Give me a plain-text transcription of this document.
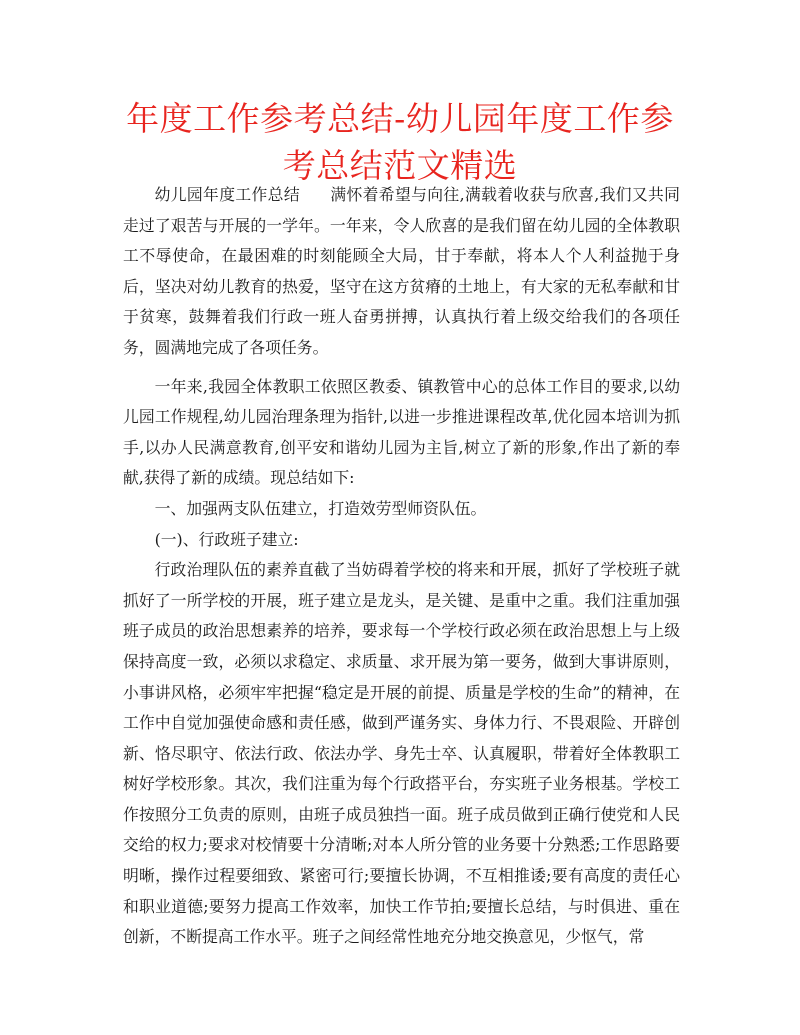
年度工作参考总结-幼儿园年度工作参考总结范文精选

幼儿园年度工作总结 满怀着希望与向往,满载着收获与欣喜,我们又共同走过了艰苦与开展的一学年。一年来，令人欣喜的是我们留在幼儿园的全体教职工不辱使命，在最困难的时刻能顾全大局，甘于奉献，将本人个人利益抛于身后，坚决对幼儿教育的热爱，坚守在这方贫瘠的土地上，有大家的无私奉献和甘于贫寒，鼓舞着我们行政一班人奋勇拼搏，认真执行着上级交给我们的各项任务，圆满地完成了各项任务。

一年来,我园全体教职工依照区教委、镇教管中心的总体工作目的要求,以幼儿园工作规程,幼儿园治理条理为指针,以进一步推进课程改革,优化园本培训为抓手,以办人民满意教育,创平安和谐幼儿园为主旨,树立了新的形象,作出了新的奉献,获得了新的成绩。现总结如下:

一、加强两支队伍建立，打造效劳型师资队伍。

(一)、行政班子建立:

行政治理队伍的素养直截了当妨碍着学校的将来和开展，抓好了学校班子就抓好了一所学校的开展，班子建立是龙头，是关键、是重中之重。我们注重加强班子成员的政治思想素养的培养，要求每一个学校行政必须在政治思想上与上级保持高度一致，必须以求稳定、求质量、求开展为第一要务，做到大事讲原则，小事讲风格，必须牢牢把握“稳定是开展的前提、质量是学校的生命”的精神，在工作中自觉加强使命感和责任感，做到严谨务实、身体力行、不畏艰险、开辟创新、恪尽职守、依法行政、依法办学、身先士卒、认真履职，带着好全体教职工树好学校形象。其次，我们注重为每个行政搭平台，夯实班子业务根基。学校工作按照分工负责的原则，由班子成员独挡一面。班子成员做到正确行使党和人民交给的权力;要求对校情要十分清晰;对本人所分管的业务要十分熟悉;工作思路要明晰，操作过程要细致、紧密可行;要擅长协调，不互相推诿;要有高度的责任心和职业道德;要努力提高工作效率，加快工作节拍;要擅长总结，与时俱进、重在创新，不断提高工作水平。班子之间经常性地充分地交换意见，少怄气，常
